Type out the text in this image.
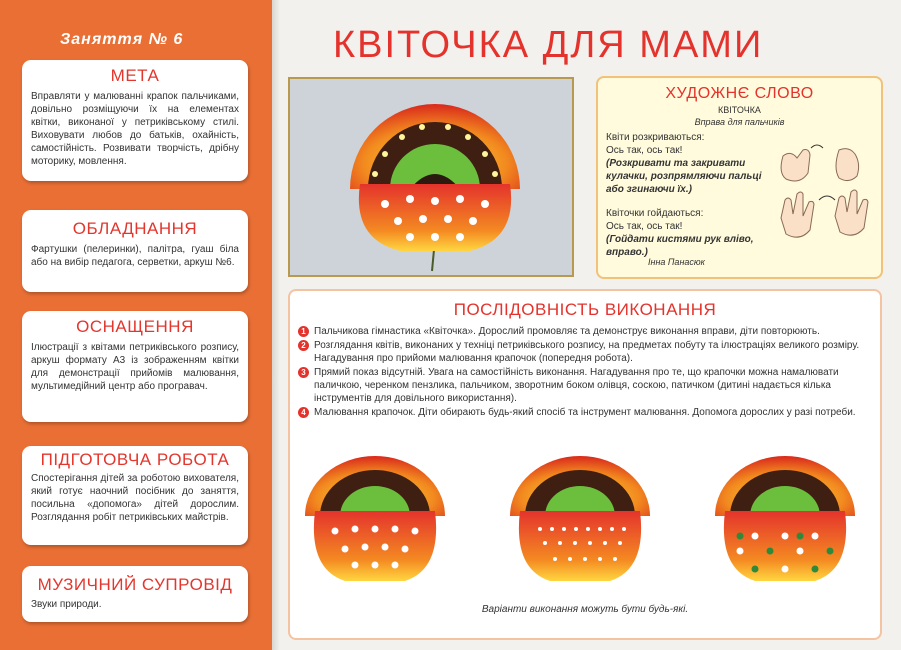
Заняття № 6
МЕТА

Вправляти у малюванні крапок пальчиками, довільно розміщуючи їх на елементах квітки, виконаної у петриківському стилі. Виховувати любов до батьків, охайність, самостійність. Розвивати творчість, дрібну моторику, мовлення.

ОБЛАДНАННЯ

Фартушки (пелеринки), палітра, гуаш біла або на вибір педагога, серветки, аркуш №6.

ОСНАЩЕННЯ

Ілюстрації з квітами петриківського розпису, аркуш формату А3 із зображенням квітки для демонстрації прийомів малювання, мультимедійний центр або програвач.

ПІДГОТОВЧА РОБОТА

Спостерігання дітей за роботою вихователя, який готує наочний посібник до заняття, посильна «допомога» дітей дорослим. Розглядання робіт петриківських майстрів.

МУЗИЧНИЙ СУПРОВІД

Звуки природи.

КВІТОЧКА ДЛЯ МАМИ
ХУДОЖНЄ СЛОВО
КВІТОЧКА
Вправа для пальчиків
Квіти розкриваються:
Ось так, ось так!
(Розкривати та закривати кулачки, розпрямляючи пальці або згинаючи їх.)
Квіточки гойдаються:
Ось так, ось так!
(Гойдати кистями рук вліво, вправо.)
Інна Панасюк
ПОСЛІДОВНІСТЬ ВИКОНАННЯ
1 Пальчикова гімнастика «Квіточка». Дорослий промовляє та демонструє виконання вправи, діти повторюють.
2 Розглядання квітів, виконаних у техніці петриківського розпису, на предметах побуту та ілюстраціях великого розміру. Нагадування про прийоми малювання крапочок (попередня робота).
3 Прямий показ відсутній. Увага на самостійність виконання. Нагадування про те, що крапочки можна намалювати паличкою, черенком пензлика, пальчиком, зворотним боком олівця, соскою, патичком (дитині надається кілька інструментів для довільного використання).
4 Малювання крапочок. Діти обирають будь-який спосіб та інструмент малювання. Допомога дорослих у разі потреби.
Варіанти виконання можуть бути будь-які.
